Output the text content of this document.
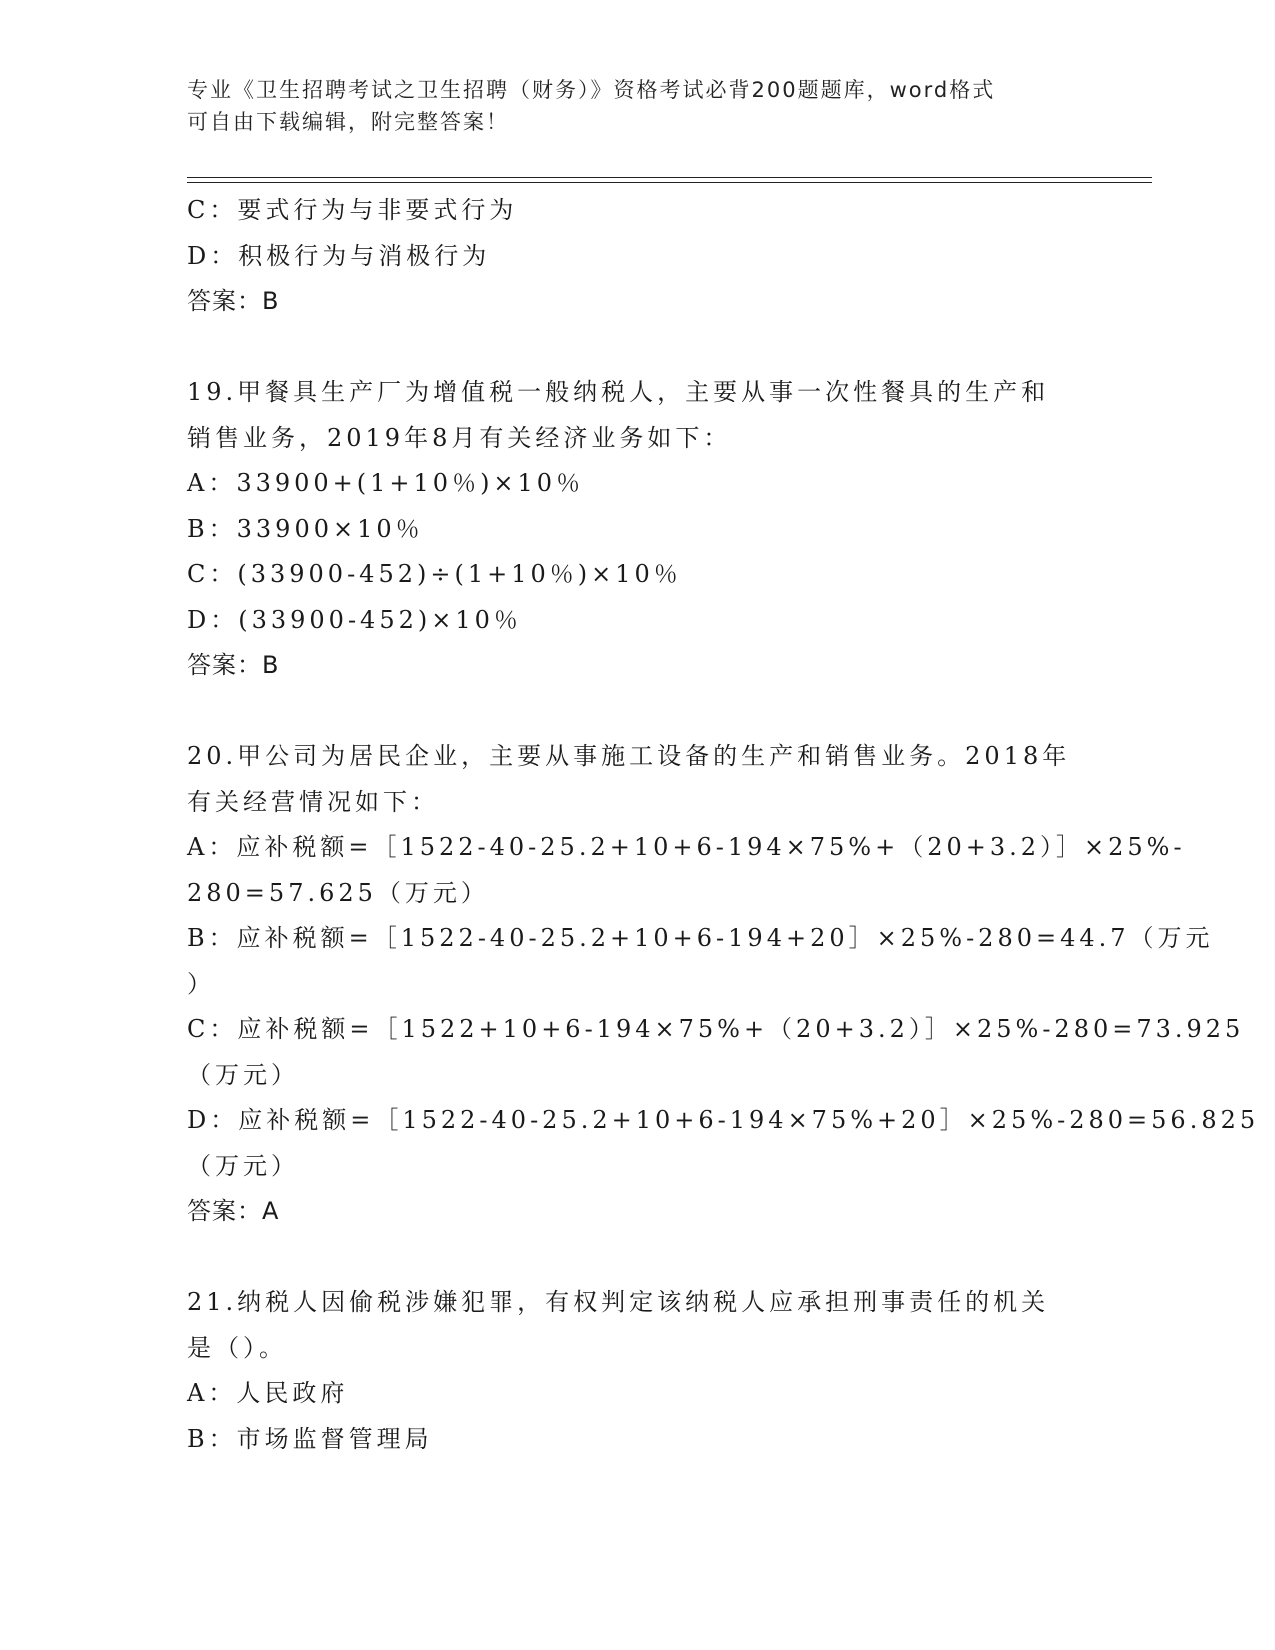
专业《卫生招聘考试之卫生招聘（财务）》资格考试必背200题题库，word格式
可自由下载编辑，附完整答案！
C：要式行为与非要式行为
D：积极行为与消极行为
答案：B
19.甲餐具生产厂为增值税一般纳税人，主要从事一次性餐具的生产和
销售业务，2019年8月有关经济业务如下：
A：33900+(1+10％)×10％
B：33900×10％
C：(33900-452)÷(1+10％)×10％
D：(33900-452)×10％
答案：B
20.甲公司为居民企业，主要从事施工设备的生产和销售业务。2018年
有关经营情况如下：
A：应补税额=［1522-40-25.2+10+6-194×75%+（20+3.2）］×25%-
280=57.625（万元）
B：应补税额=［1522-40-25.2+10+6-194+20］×25%-280=44.7（万元
）
C：应补税额=［1522+10+6-194×75%+（20+3.2）］×25%-280=73.925
（万元）
D：应补税额=［1522-40-25.2+10+6-194×75%+20］×25%-280=56.825
（万元）
答案：A
21.纳税人因偷税涉嫌犯罪，有权判定该纳税人应承担刑事责任的机关
是（）。
A：人民政府
B：市场监督管理局
